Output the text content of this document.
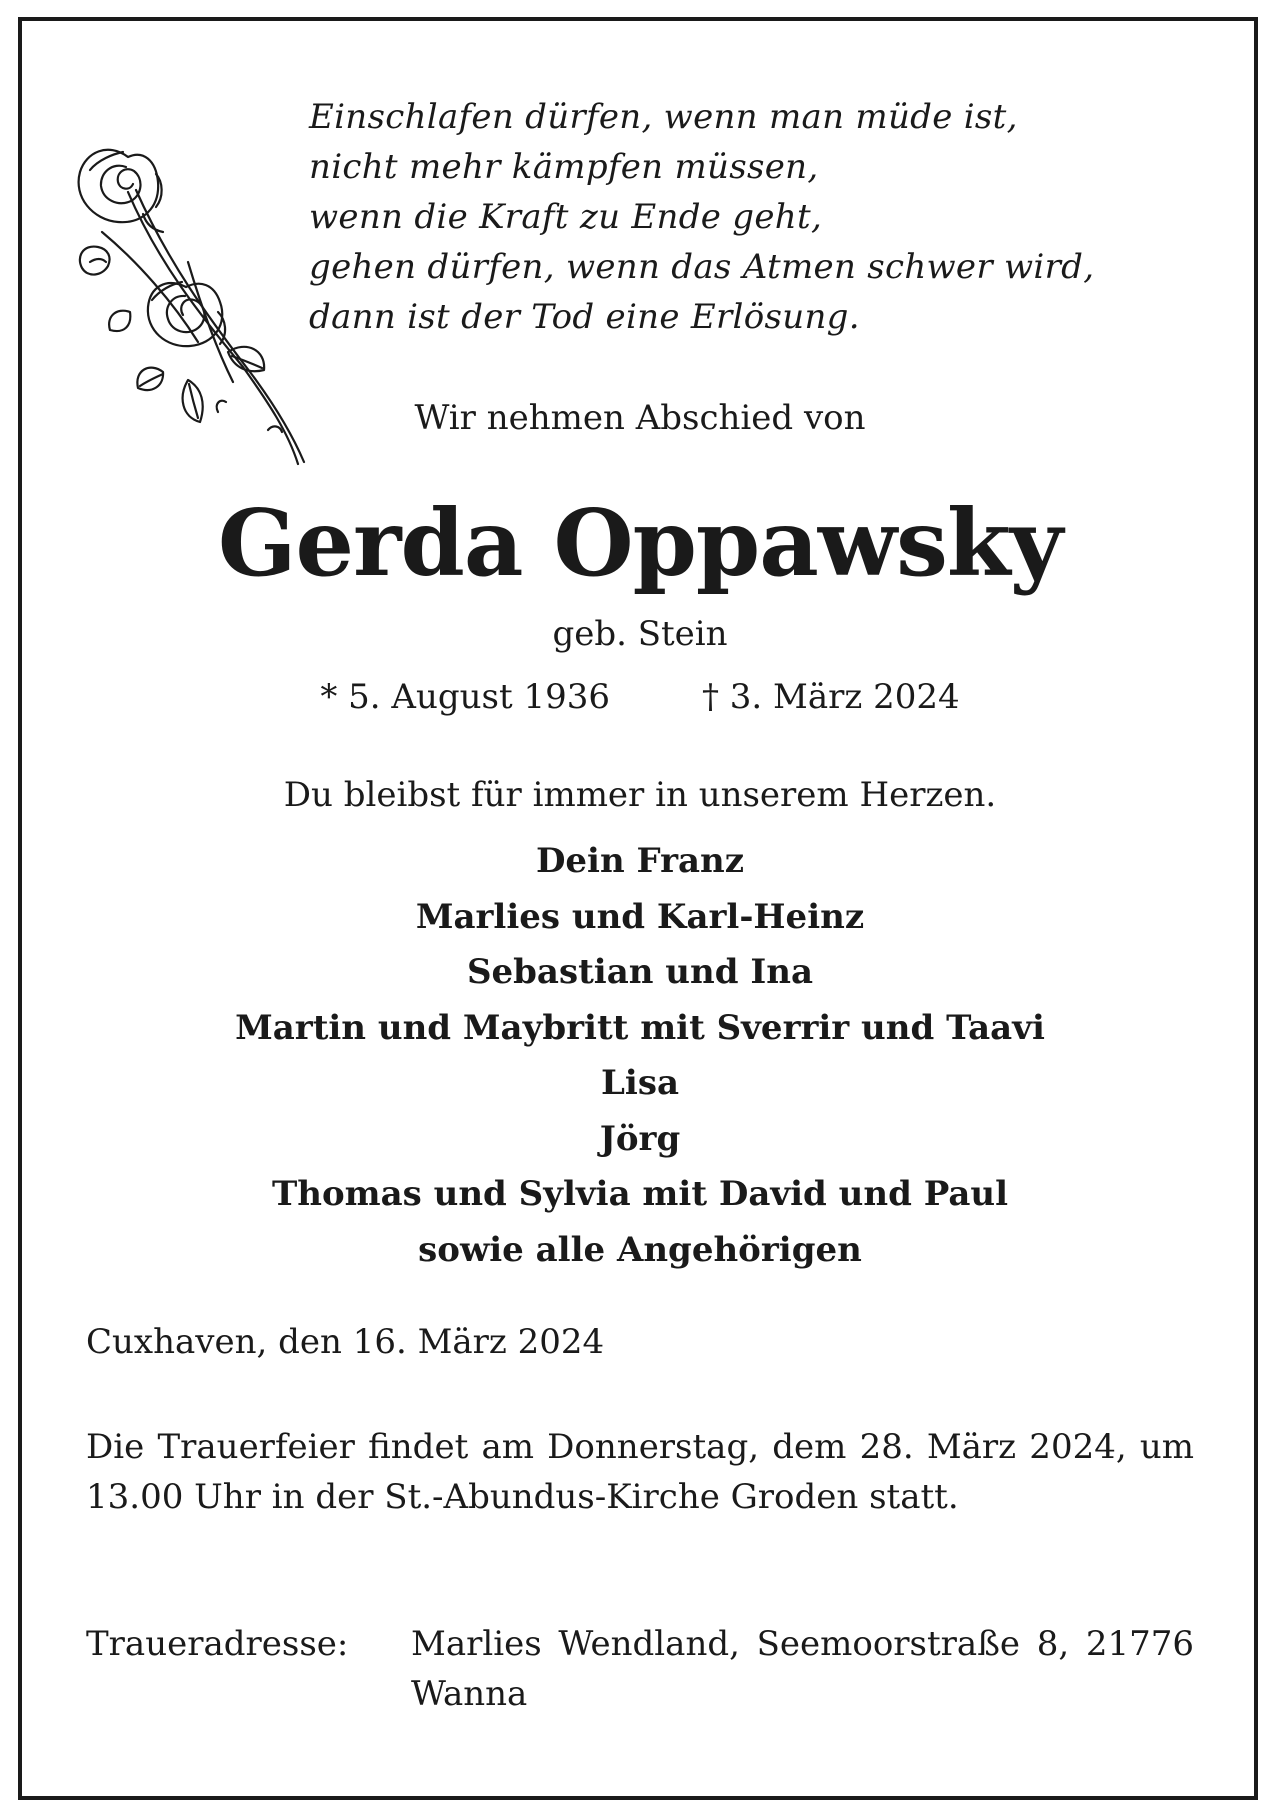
Einschlafen dürfen, wenn man müde ist,
nicht mehr kämpfen müssen,
wenn die Kraft zu Ende geht,
gehen dürfen, wenn das Atmen schwer wird,
dann ist der Tod eine Erlösung.
Wir nehmen Abschied von
Gerda Oppawsky
geb. Stein
* 5. August 1936	† 3. März 2024
Du bleibst für immer in unserem Herzen.
Dein Franz
Marlies und Karl-Heinz
Sebastian und Ina
Martin und Maybritt mit Sverrir und Taavi
Lisa
Jörg
Thomas und Sylvia mit David und Paul
sowie alle Angehörigen
Cuxhaven, den 16. März 2024
Die Trauerfeier findet am Donnerstag, dem 28. März 2024, um 13.00 Uhr in der St.-Abundus-Kirche Groden statt.
Traueradresse: Marlies Wendland, Seemoorstraße 8, 21776 Wanna
